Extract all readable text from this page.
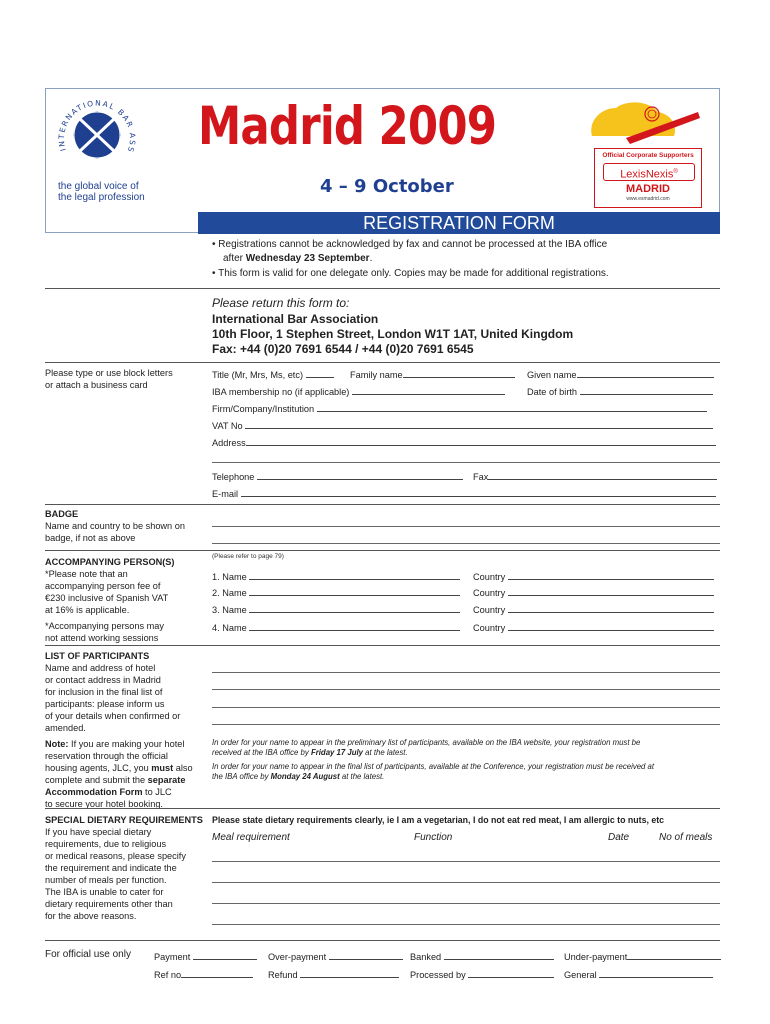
INTERNATIONAL BAR ASS
the global voice of
the legal profession
Madrid 2009
4 – 9 October
Official Corporate Supporters
LexisNexis®
MADRID
www.esmadrid.com
REGISTRATION FORM
• Registrations cannot be acknowledged by fax and cannot be processed at the IBA office
after Wednesday 23 September.
• This form is valid for one delegate only. Copies may be made for additional registrations.
Please return this form to:
International Bar Association
10th Floor, 1 Stephen Street, London W1T 1AT, United Kingdom
Fax: +44 (0)20 7691 6544 / +44 (0)20 7691 6545
Please type or use block letters
or attach a business card
Title (Mr, Mrs, Ms, etc)	Family name	Given name
IBA membership no (if applicable)	Date of birth
Firm/Company/Institution
VAT No
Address
Telephone	Fax
E-mail
BADGE
Name and country to be shown on
badge, if not as above
ACCOMPANYING PERSON(S)
*Please note that an
accompanying person fee of
€230 inclusive of Spanish VAT
at 16% is applicable.
*Accompanying persons may
not attend working sessions
(Please refer to page 79)
1. Name	Country
2. Name	Country
3. Name	Country
4. Name	Country
LIST OF PARTICIPANTS
Name and address of hotel
or contact address in Madrid
for inclusion in the final list of
participants: please inform us
of your details when confirmed or
amended.
Note: If you are making your hotel
reservation through the official
housing agents, JLC, you must also
complete and submit the separate
Accommodation Form to JLC
to secure your hotel booking.
In order for your name to appear in the preliminary list of participants, available on the IBA website, your registration must be
received at the IBA office by Friday 17 July at the latest.
In order for your name to appear in the final list of participants, available at the Conference, your registration must be received at
the IBA office by Monday 24 August at the latest.
SPECIAL DIETARY REQUIREMENTS
If you have special dietary
requirements, due to religious
or medical reasons, please specify
the requirement and indicate the
number of meals per function.
The IBA is unable to cater for
dietary requirements other than
for the above reasons.
Please state dietary requirements clearly, ie I am a vegetarian, I do not eat red meat, I am allergic to nuts, etc
Meal requirement	Function	Date	No of meals
For official use only	Payment	Over-payment	Banked	Under-payment
Ref no	Refund	Processed by	General
